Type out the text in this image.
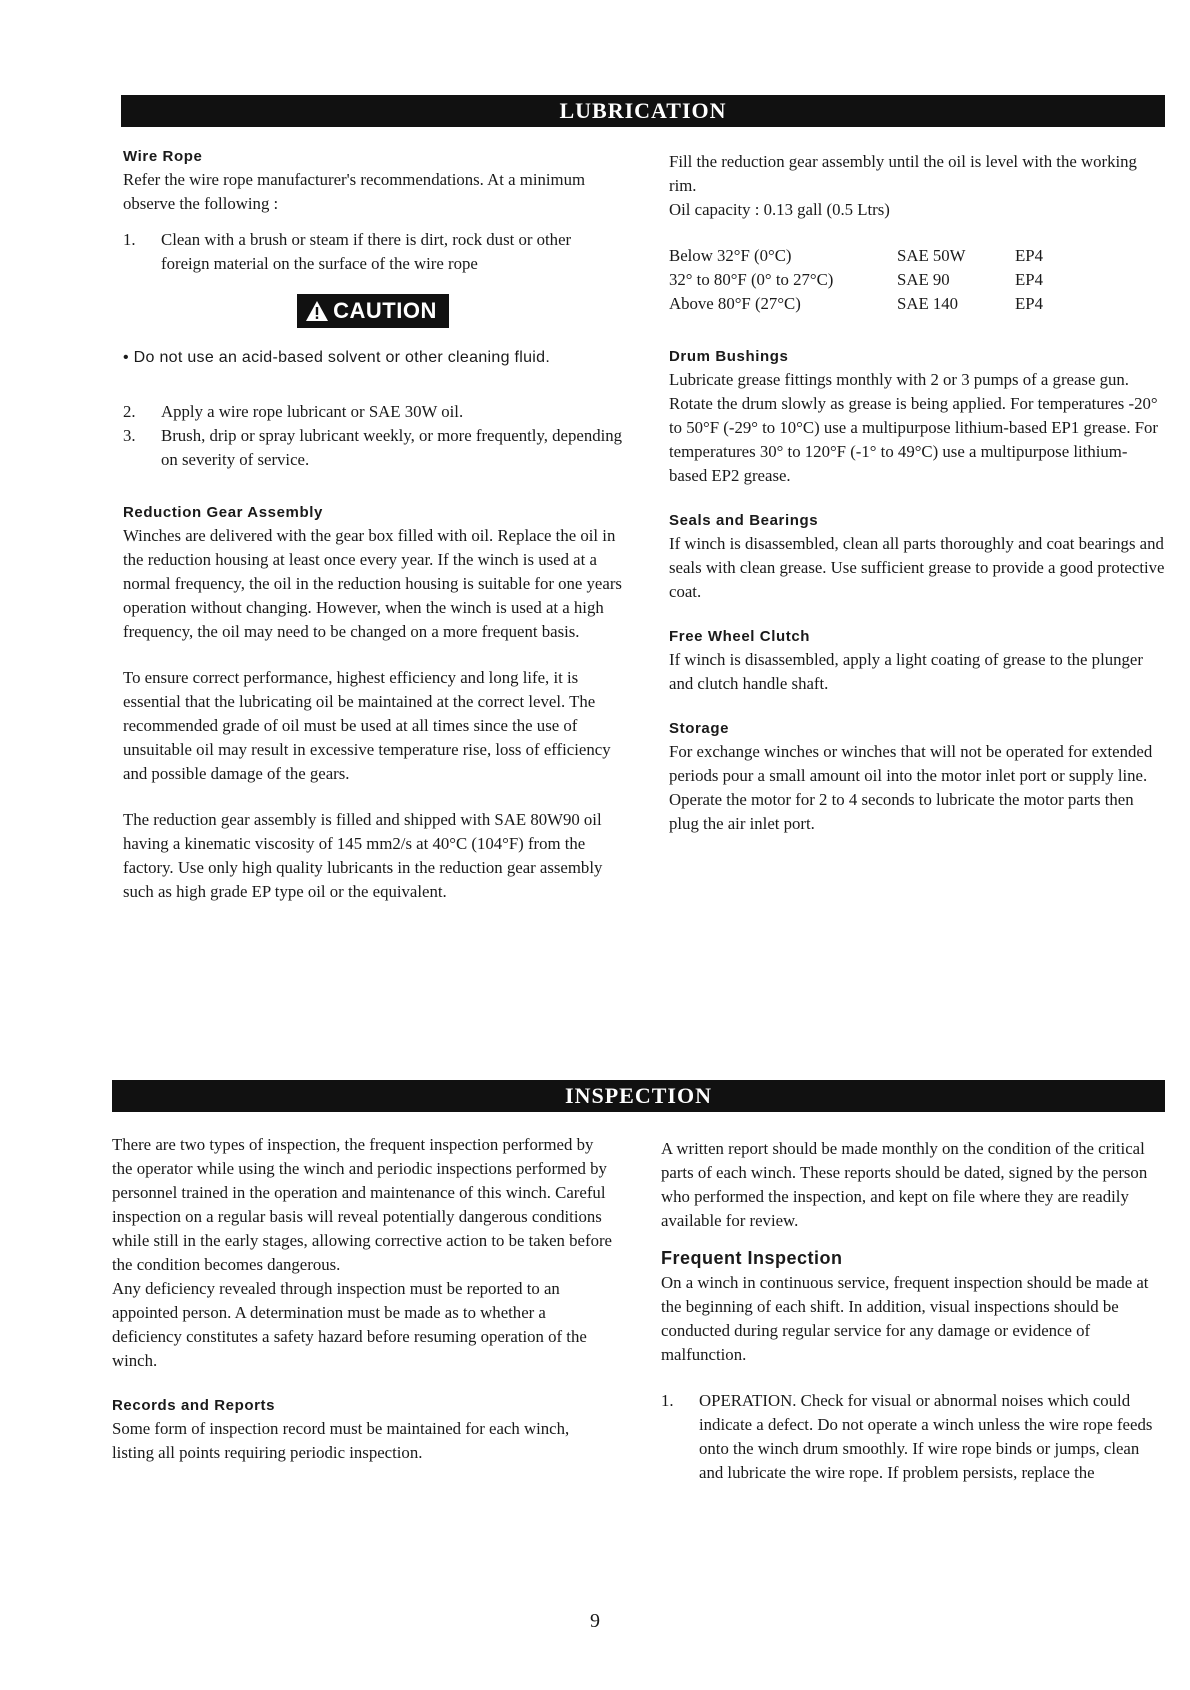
LUBRICATION
Wire Rope

Refer the wire rope manufacturer's recommendations. At a minimum observe the following :

1.	Clean with a brush or steam if there is dirt, rock dust or other foreign material on the surface of the wire rope
CAUTION

• Do not use an acid-based solvent or other cleaning fluid.

2.	Apply a wire rope lubricant or SAE 30W oil.
3.	Brush, drip or spray lubricant weekly, or more frequently, depending on severity of service.
Reduction Gear Assembly

Winches are delivered with the gear box filled with oil. Replace the oil in the reduction housing at least once every year. If the winch is used at a normal frequency, the oil in the reduction housing is suitable for one years operation without changing. However, when the winch is used at a high frequency, the oil may need to be changed on a more frequent basis.

To ensure correct performance, highest efficiency and long life, it is essential that the lubricating oil be maintained at the correct level. The recommended grade of oil must be used at all times since the use of unsuitable oil may result in excessive temperature rise, loss of efficiency and possible damage of the gears.

The reduction gear assembly is filled and shipped with SAE 80W90 oil having a kinematic viscosity of 145 mm2/s at 40°C (104°F) from the factory. Use only high quality lubricants in the reduction gear assembly such as high grade EP type oil or the equivalent.

Fill the reduction gear assembly until the oil is level with the working rim.

Oil capacity : 0.13 gall (0.5 Ltrs)

Below 32°F (0°C)	SAE 50W	EP4
32° to 80°F (0° to 27°C)	SAE 90	EP4
Above 80°F (27°C)	SAE 140	EP4
Drum Bushings

Lubricate grease fittings monthly with 2 or 3 pumps of a grease gun. Rotate the drum slowly as grease is being applied. For temperatures -20° to 50°F (-29° to 10°C) use a multipurpose lithium-based EP1 grease. For temperatures 30° to 120°F (-1° to 49°C) use a multipurpose lithium-based EP2 grease.

Seals and Bearings

If winch is disassembled, clean all parts thoroughly and coat bearings and seals with clean grease. Use sufficient grease to provide a good protective coat.

Free Wheel Clutch

If winch is disassembled, apply a light coating of grease to the plunger and clutch handle shaft.

Storage

For exchange winches or winches that will not be operated for extended periods pour a small amount oil into the motor inlet port or supply line. Operate the motor for 2 to 4 seconds to lubricate the motor parts then plug the air inlet port.

INSPECTION

There are two types of inspection, the frequent inspection performed by the operator while using the winch and periodic inspections performed by personnel trained in the operation and maintenance of this winch. Careful inspection on a regular basis will reveal potentially dangerous conditions while still in the early stages, allowing corrective action to be taken before the condition becomes dangerous.

Any deficiency revealed through inspection must be reported to an appointed person. A determination must be made as to whether a deficiency constitutes a safety hazard before resuming operation of the winch.

Records and Reports

Some form of inspection record must be maintained for each winch, listing all points requiring periodic inspection.

A written report should be made monthly on the condition of the critical parts of each winch. These reports should be dated, signed by the person who performed the inspection, and kept on file where they are readily available for review.

Frequent Inspection

On a winch in continuous service, frequent inspection should be made at the beginning of each shift. In addition, visual inspections should be conducted during regular service for any damage or evidence of malfunction.

1.	OPERATION. Check for visual or abnormal noises which could indicate a defect. Do not operate a winch unless the wire rope feeds onto the winch drum smoothly. If wire rope binds or jumps, clean and lubricate the wire rope. If problem persists, replace the
9
